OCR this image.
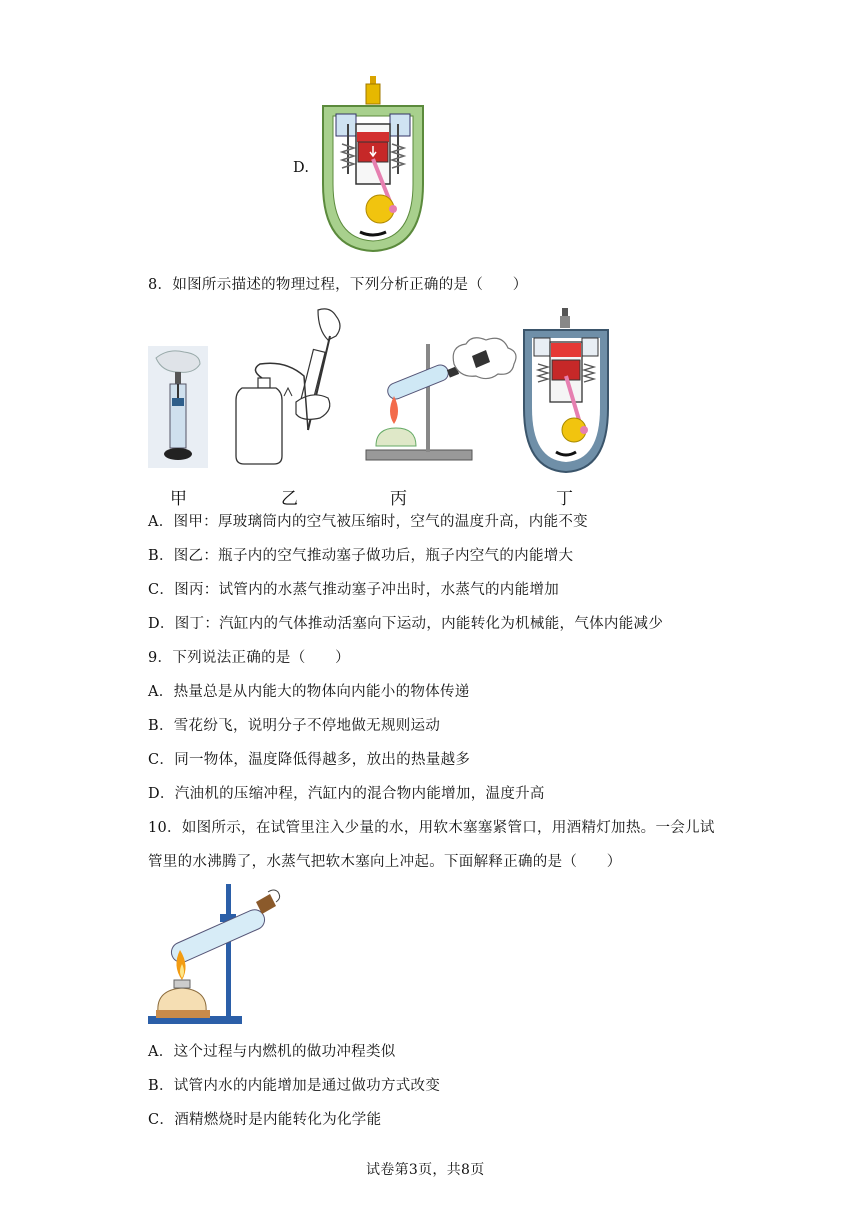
D.
8．如图所示描述的物理过程，下列分析正确的是（　　）
甲	乙	丙	丁
A．图甲：厚玻璃筒内的空气被压缩时，空气的温度升高，内能不变
B．图乙：瓶子内的空气推动塞子做功后，瓶子内空气的内能增大
C．图丙：试管内的水蒸气推动塞子冲出时，水蒸气的内能增加
D．图丁：汽缸内的气体推动活塞向下运动，内能转化为机械能，气体内能减少
9．下列说法正确的是（　　）
A．热量总是从内能大的物体向内能小的物体传递
B．雪花纷飞，说明分子不停地做无规则运动
C．同一物体，温度降低得越多，放出的热量越多
D．汽油机的压缩冲程，汽缸内的混合物内能增加，温度升高
10．如图所示，在试管里注入少量的水，用软木塞塞紧管口，用酒精灯加热。一会儿试
管里的水沸腾了，水蒸气把软木塞向上冲起。下面解释正确的是（　　）
A．这个过程与内燃机的做功冲程类似
B．试管内水的内能增加是通过做功方式改变
C．酒精燃烧时是内能转化为化学能
试卷第3页，共8页
